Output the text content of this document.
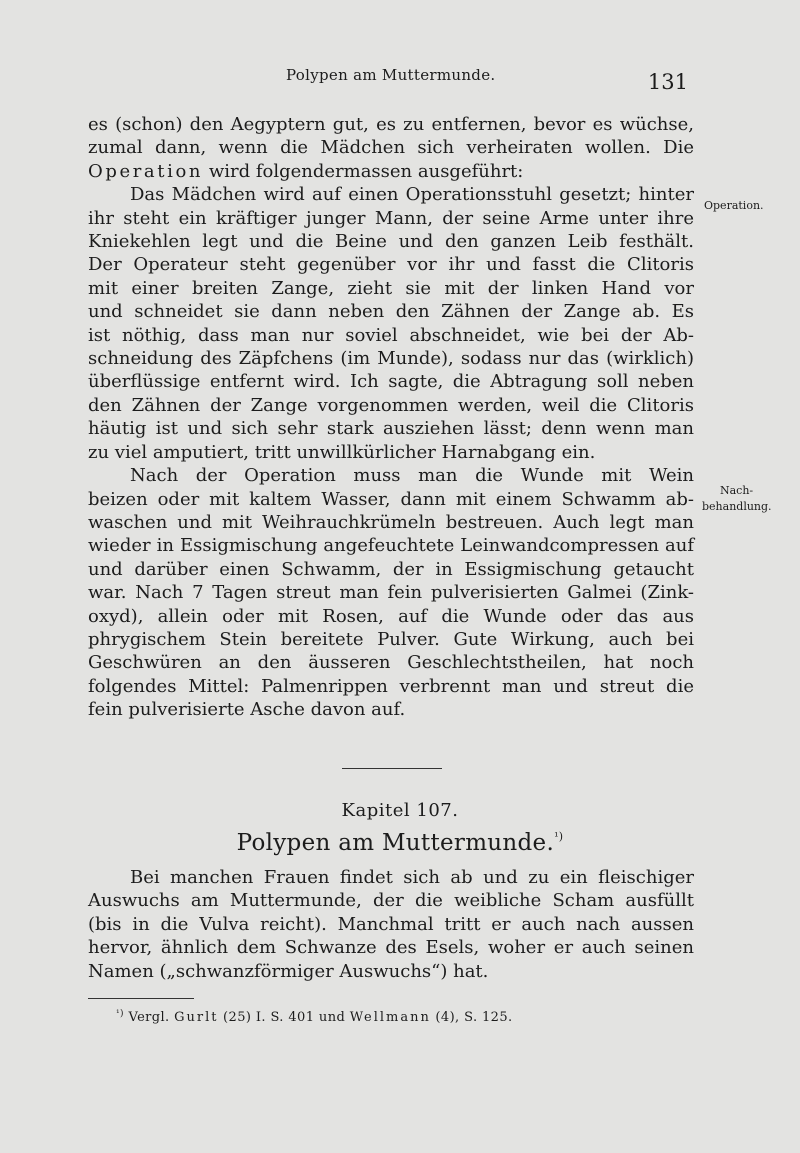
Polypen am Muttermunde.	131
es (schon) den Aegyptern gut, es zu entfernen, bevor es wüchse,
zumal dann, wenn die Mädchen sich verheiraten wollen. Die
Operation wird folgendermassen ausgeführt:
Das Mädchen wird auf einen Operationsstuhl gesetzt; hinter
ihr steht ein kräftiger junger Mann, der seine Arme unter ihre
Kniekehlen legt und die Beine und den ganzen Leib festhält.
Der Operateur steht gegenüber vor ihr und fasst die Clitoris
mit einer breiten Zange, zieht sie mit der linken Hand vor
und schneidet sie dann neben den Zähnen der Zange ab. Es
ist nöthig, dass man nur soviel abschneidet, wie bei der Ab-
schneidung des Zäpfchens (im Munde), sodass nur das (wirklich)
überflüssige entfernt wird. Ich sagte, die Abtragung soll neben
den Zähnen der Zange vorgenommen werden, weil die Clitoris
häutig ist und sich sehr stark ausziehen lässt; denn wenn man
zu viel amputiert, tritt unwillkürlicher Harnabgang ein.
Nach der Operation muss man die Wunde mit Wein
beizen oder mit kaltem Wasser, dann mit einem Schwamm ab-
waschen und mit Weihrauchkrümeln bestreuen. Auch legt man
wieder in Essigmischung angefeuchtete Leinwandcompressen auf
und darüber einen Schwamm, der in Essigmischung getaucht
war. Nach 7 Tagen streut man fein pulverisierten Galmei (Zink-
oxyd), allein oder mit Rosen, auf die Wunde oder das aus
phrygischem Stein bereitete Pulver. Gute Wirkung, auch bei
Geschwüren an den äusseren Geschlechtstheilen, hat noch
folgendes Mittel: Palmenrippen verbrennt man und streut die
fein pulverisierte Asche davon auf.
Operation.
Nach-
behandlung.
Kapitel 107.
Polypen am Muttermunde.$^{^1)}$
Bei manchen Frauen findet sich ab und zu ein fleischiger
Auswuchs am Muttermunde, der die weibliche Scham ausfüllt
(bis in die Vulva reicht). Manchmal tritt er auch nach aussen
hervor, ähnlich dem Schwanze des Esels, woher er auch seinen
Namen („schwanzförmiger Auswuchs“) hat.
$^{^1)}$ Vergl. Gurlt (25) I. S. 401 und Wellmann (4), S. 125.
